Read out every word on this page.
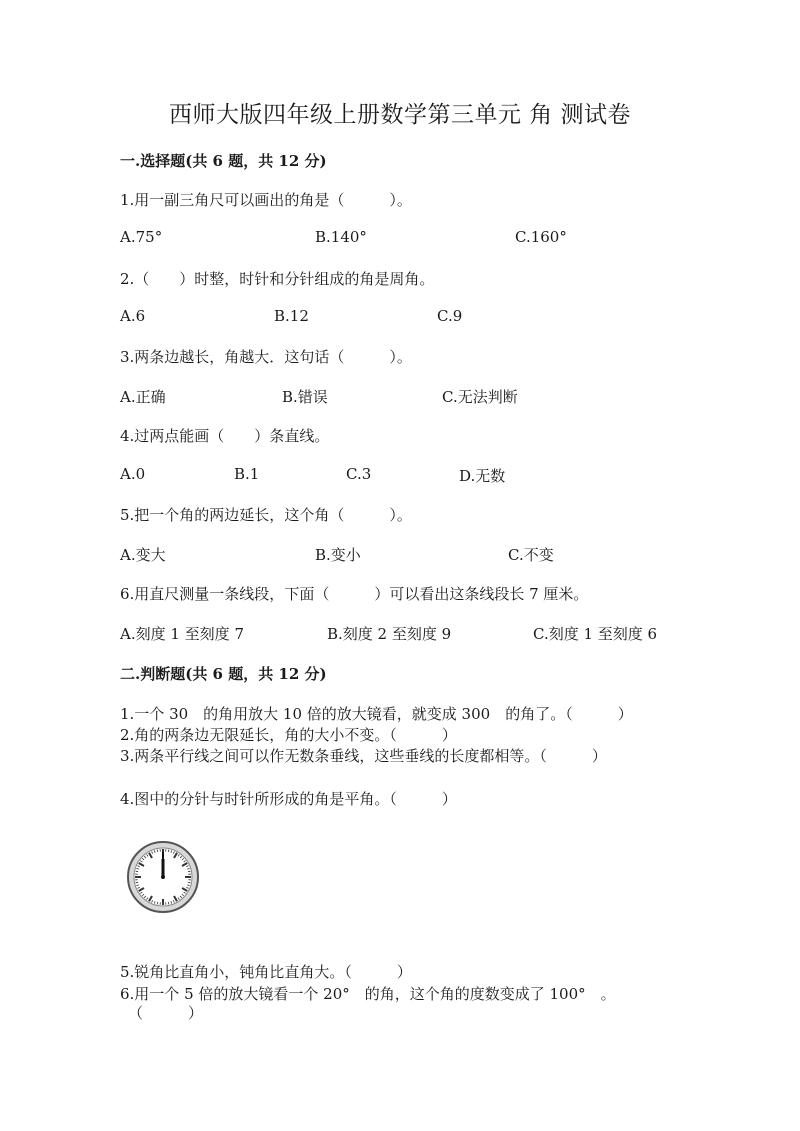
西师大版四年级上册数学第三单元 角 测试卷
一.选择题(共 6 题，共 12 分)
1.用一副三角尺可以画出的角是（　　　）。
A.75°	B.140°	C.160°
2.（　　）时整，时针和分针组成的角是周角。
A.6	B.12	C.9
3.两条边越长，角越大．这句话（　　　）。
A.正确	B.错误	C.无法判断
4.过两点能画（　　）条直线。
A.0	B.1	C.3	D.无数
5.把一个角的两边延长，这个角（　　　）。
A.变大	B.变小	C.不变
6.用直尺测量一条线段，下面（　　　）可以看出这条线段长 7 厘米。
A.刻度 1 至刻度 7	B.刻度 2 至刻度 9	C.刻度 1 至刻度 6
二.判断题(共 6 题，共 12 分)
1.一个 30　的角用放大 10 倍的放大镜看，就变成 300　的角了。（　　　）
2.角的两条边无限延长，角的大小不变。（　　　）
3.两条平行线之间可以作无数条垂线，这些垂线的长度都相等。（　　　）
4.图中的分针与时针所形成的角是平角。（　　　）
5.锐角比直角小，钝角比直角大。（　　　）
6.用一个 5 倍的放大镜看一个 20°　的角，这个角的度数变成了 100°　。
（　　　）
